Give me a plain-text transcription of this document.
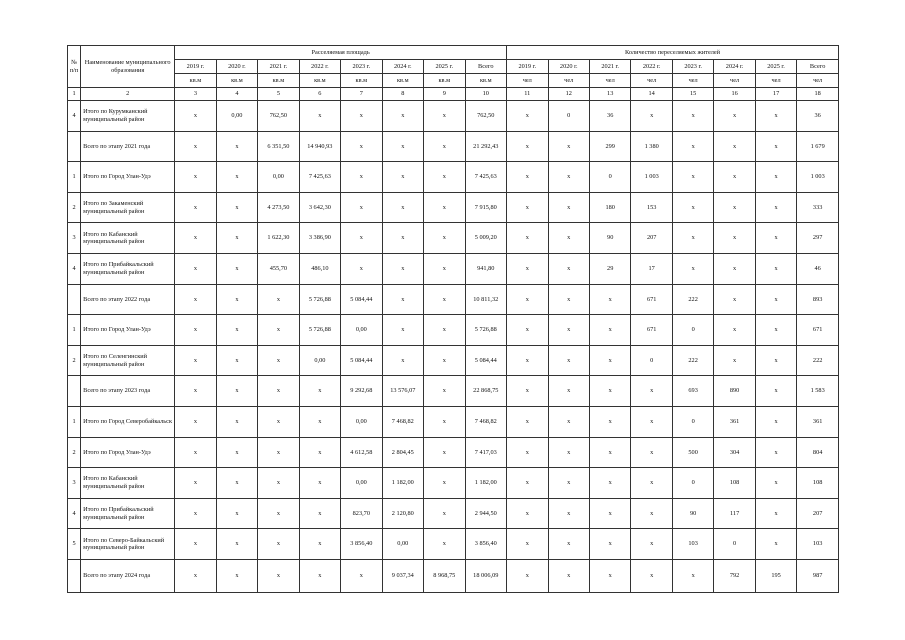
№ п/п	Наименование муниципального образования	Расселяемая площадь								Количество переселяемых жителей							
		2019 г.	2020 г.	2021 г.	2022 г.	2023 г.	2024 г.	2025 г.	Всего	2019 г.	2020 г.	2021 г.	2022 г.	2023 г.	2024 г.	2025 г.	Всего
		кв.м	кв.м	кв.м	кв.м	кв.м	кв.м	кв.м	кв.м	чел	чел	чел	чел	чел	чел	чел	чел
1	2	3	4	5	6	7	8	9	10	11	12	13	14	15	16	17	18
4	Итого по Курумканский муниципальный район	х	0,00	762,50	х	х	х	х	762,50	х	0	36	х	х	х	х	36
	Всего по этапу 2021 года	х	х	6 351,50	14 940,93	х	х	х	21 292,43	х	х	299	1 380	х	х	х	1 679
1	Итого по Город Улан-Удэ	х	х	0,00	7 425,63	х	х	х	7 425,63	х	х	0	1 003	х	х	х	1 003
2	Итого по Закаменский муниципальный район	х	х	4 273,50	3 642,30	х	х	х	7 915,80	х	х	180	153	х	х	х	333
3	Итого по Кабанский муниципальный район	х	х	1 622,30	3 386,90	х	х	х	5 009,20	х	х	90	207	х	х	х	297
4	Итого по Прибайкальский муниципальный район	х	х	455,70	486,10	х	х	х	941,80	х	х	29	17	х	х	х	46
	Всего по этапу 2022 года	х	х	х	5 726,88	5 084,44	х	х	10 811,32	х	х	х	671	222	х	х	893
1	Итого по Город Улан-Удэ	х	х	х	5 726,88	0,00	х	х	5 726,88	х	х	х	671	0	х	х	671
2	Итого по Селенгинский муниципальный район	х	х	х	0,00	5 084,44	х	х	5 084,44	х	х	х	0	222	х	х	222
	Всего по этапу 2023 года	х	х	х	х	9 292,68	13 576,07	х	22 868,75	х	х	х	х	693	890	х	1 583
1	Итого по Город Северобайкальск	х	х	х	х	0,00	7 468,82	х	7 468,82	х	х	х	х	0	361	х	361
2	Итого по Город Улан-Удэ	х	х	х	х	4 612,58	2 804,45	х	7 417,03	х	х	х	х	500	304	х	804
3	Итого по Кабанский муниципальный район	х	х	х	х	0,00	1 182,00	х	1 182,00	х	х	х	х	0	108	х	108
4	Итого по Прибайкальский муниципальный район	х	х	х	х	823,70	2 120,80	х	2 944,50	х	х	х	х	90	117	х	207
5	Итого по Северо-Байкальский муниципальный район	х	х	х	х	3 856,40	0,00	х	3 856,40	х	х	х	х	103	0	х	103
	Всего по этапу 2024 года	х	х	х	х	х	9 037,34	8 968,75	18 006,09	х	х	х	х	х	792	195	987
